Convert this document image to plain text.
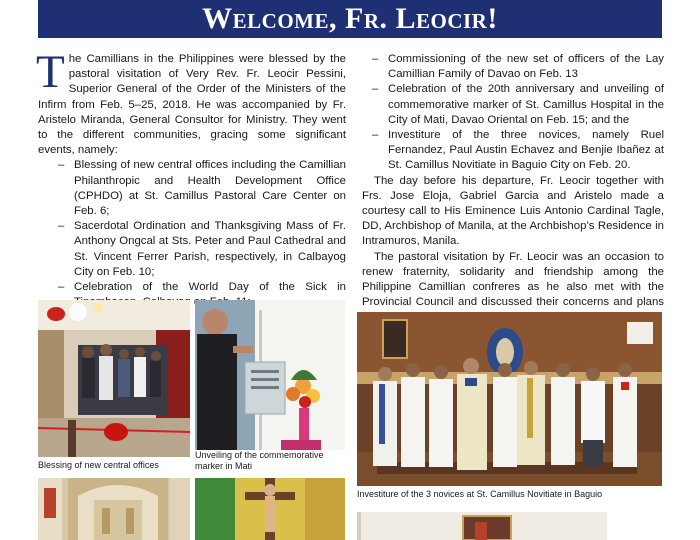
Welcome, Fr. Leocir!

The Camillians in the Philippines were blessed by the pastoral visitation of Very Rev. Fr. Leocir Pessini, Superior General of the Order of the Ministers of the Infirm from Feb. 5–25, 2018. He was accompanied by Fr. Aristelo Miranda, General Consultor for Ministry. They went to the different communities, gracing some significant events, namely:

– Blessing of new central offices including the Camillian Philanthropic and Health Development Office (CPHDO) at St. Camillus Pastoral Care Center on Feb. 6;
– Sacerdotal Ordination and Thanksgiving Mass of Fr. Anthony Ongcal at Sts. Peter and Paul Cathedral and St. Vincent Ferrer Parish, respectively, in Calbayog City on Feb. 10;
– Celebration of the World Day of the Sick in
– Commissioning of the new set of officers of the Lay Camillian Family of Davao on Feb. 13
– Celebration of the 20th anniversary and unveiling of commemorative marker of St. Camillus Hospital in the City of Mati, Davao Oriental on Feb. 15; and the
– Investiture of the three novices, namely Ruel Fernandez, Paul Austin Echavez and Benjie Ibañez at St. Camillus Novitiate in Baguio City on Feb. 20.

The day before his departure, Fr. Leocir together with Frs. Jose Eloja, Gabriel Garcia and Aristelo made a courtesy call to His Eminence Luis Antonio Cardinal Tagle, DD, Archbishop of Manila, at the Archbishop’s Residence in Intramuros, Manila.

The pastoral visitation by Fr. Leocir was an occasion to renew fraternity, solidarity and friendship among the Philippine Camillian confreres as he also met with the Provincial Council and discussed their concerns and plans

Blessing of new central offices
Unveiling of the commemorative marker in Mati
Investiture of the 3 novices at St. Camillus Novitiate in Baguio
